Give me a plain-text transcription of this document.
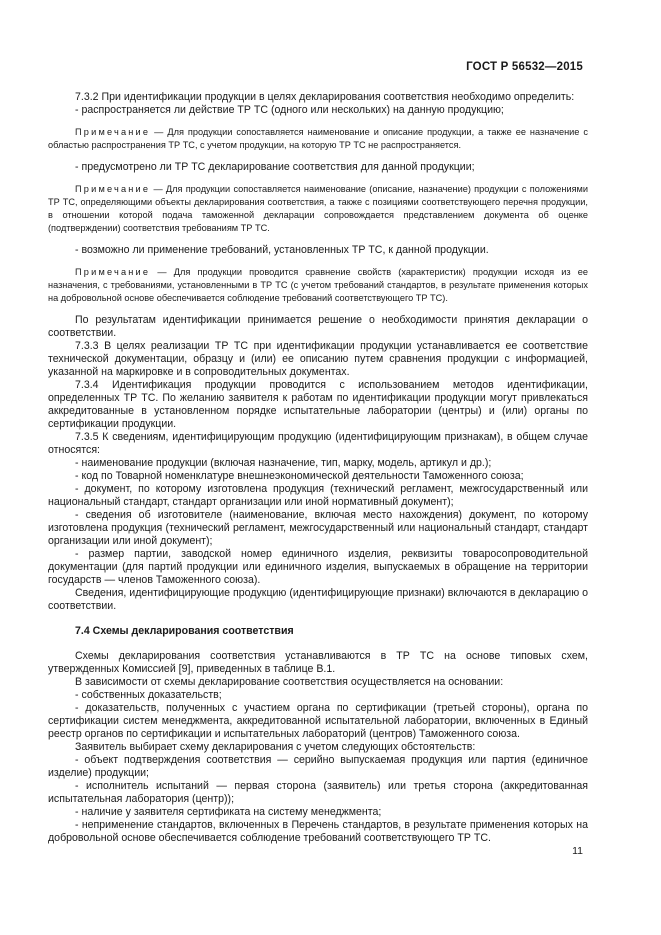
ГОСТ Р 56532—2015

7.3.2 При идентификации продукции в целях декларирования соответствия необходимо определить:

- распространяется ли действие ТР ТС (одного или нескольких) на данную продукцию;

Примечание — Для продукции сопоставляется наименование и описание продукции, а также ее назначение с областью распространения ТР ТС, с учетом продукции, на которую ТР ТС не распространяется.

- предусмотрено ли ТР ТС декларирование соответствия для данной продукции;

Примечание — Для продукции сопоставляется наименование (описание, назначение) продукции с положениями ТР ТС, определяющими объекты декларирования соответствия, а также с позициями соответствующего перечня продукции, в отношении которой подача таможенной декларации сопровождается представлением документа об оценке (подтверждении) соответствия требованиям ТР ТС.

- возможно ли применение требований, установленных ТР ТС, к данной продукции.

Примечание — Для продукции проводится сравнение свойств (характеристик) продукции исходя из ее назначения, с требованиями, установленными в ТР ТС (с учетом требований стандартов, в результате применения которых на добровольной основе обеспечивается соблюдение требований соответствующего ТР ТС).

По результатам идентификации принимается решение о необходимости принятия декларации о соответствии.

7.3.3 В целях реализации ТР ТС при идентификации продукции устанавливается ее соответствие технической документации, образцу и (или) ее описанию путем сравнения продукции с информацией, указанной на маркировке и в сопроводительных документах.

7.3.4 Идентификация продукции проводится с использованием методов идентификации, определенных ТР ТС. По желанию заявителя к работам по идентификации продукции могут привлекаться аккредитованные в установленном порядке испытательные лаборатории (центры) и (или) органы по сертификации продукции.

7.3.5 К сведениям, идентифицирующим продукцию (идентифицирующим признакам), в общем случае относятся:

- наименование продукции (включая назначение, тип, марку, модель, артикул и др.);

- код по Товарной номенклатуре внешнеэкономической деятельности Таможенного союза;

- документ, по которому изготовлена продукция (технический регламент, межгосударственный или национальный стандарт, стандарт организации или иной нормативный документ);

- сведения об изготовителе (наименование, включая место нахождения) документ, по которому изготовлена продукция (технический регламент, межгосударственный или национальный стандарт, стандарт организации или иной документ);

- размер партии, заводской номер единичного изделия, реквизиты товаросопроводительной документации (для партий продукции или единичного изделия, выпускаемых в обращение на территории государств — членов Таможенного союза).

Сведения, идентифицирующие продукцию (идентифицирующие признаки) включаются в декларацию о соответствии.

7.4 Схемы декларирования соответствия

Схемы декларирования соответствия устанавливаются в ТР ТС на основе типовых схем, утвержденных Комиссией [9], приведенных в таблице В.1.

В зависимости от схемы декларирование соответствия осуществляется на основании:

- собственных доказательств;

- доказательств, полученных с участием органа по сертификации (третьей стороны), органа по сертификации систем менеджмента, аккредитованной испытательной лаборатории, включенных в Единый реестр органов по сертификации и испытательных лабораторий (центров) Таможенного союза.

Заявитель выбирает схему декларирования с учетом следующих обстоятельств:

- объект подтверждения соответствия — серийно выпускаемая продукция или партия (единичное изделие) продукции;

- исполнитель испытаний — первая сторона (заявитель) или третья сторона (аккредитованная испытательная лаборатория (центр));

- наличие у заявителя сертификата на систему менеджмента;

- неприменение стандартов, включенных в Перечень стандартов, в результате применения которых на добровольной основе обеспечивается соблюдение требований соответствующего ТР ТС.

11
